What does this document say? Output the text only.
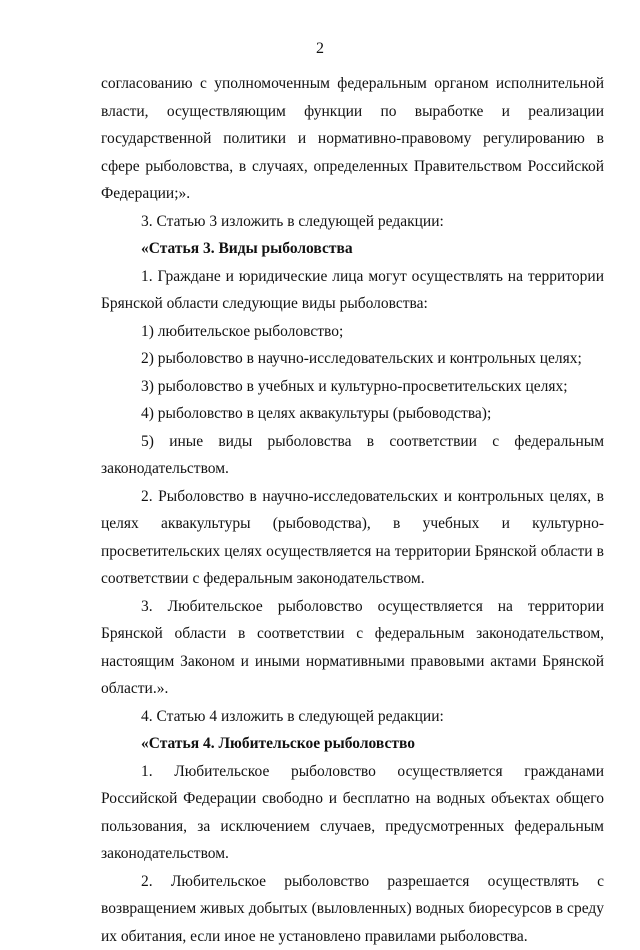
2

согласованию с уполномоченным федеральным органом исполнительной власти, осуществляющим функции по выработке и реализации государственной политики и нормативно-правовому регулированию в сфере рыболовства, в случаях, определенных Правительством Российской Федерации;».

3. Статью 3 изложить в следующей редакции:

«Статья 3. Виды рыболовства

1. Граждане и юридические лица могут осуществлять на территории Брянской области следующие виды рыболовства:

1) любительское рыболовство;

2) рыболовство в научно-исследовательских и контрольных целях;

3) рыболовство в учебных и культурно-просветительских целях;

4) рыболовство в целях аквакультуры (рыбоводства);

5) иные виды рыболовства в соответствии с федеральным законодательством.

2. Рыболовство в научно-исследовательских и контрольных целях, в целях аквакультуры (рыбоводства), в учебных и культурно-просветительских целях осуществляется на территории Брянской области в соответствии с федеральным законодательством.

3. Любительское рыболовство осуществляется на территории Брянской области в соответствии с федеральным законодательством, настоящим Законом и иными нормативными правовыми актами Брянской области.».

4. Статью 4 изложить в следующей редакции:

«Статья 4. Любительское рыболовство

1. Любительское рыболовство осуществляется гражданами Российской Федерации свободно и бесплатно на водных объектах общего пользования, за исключением случаев, предусмотренных федеральным законодательством.

2. Любительское рыболовство разрешается осуществлять с возвращением живых добытых (выловленных) водных биоресурсов в среду их обитания, если иное не установлено правилами рыболовства.
